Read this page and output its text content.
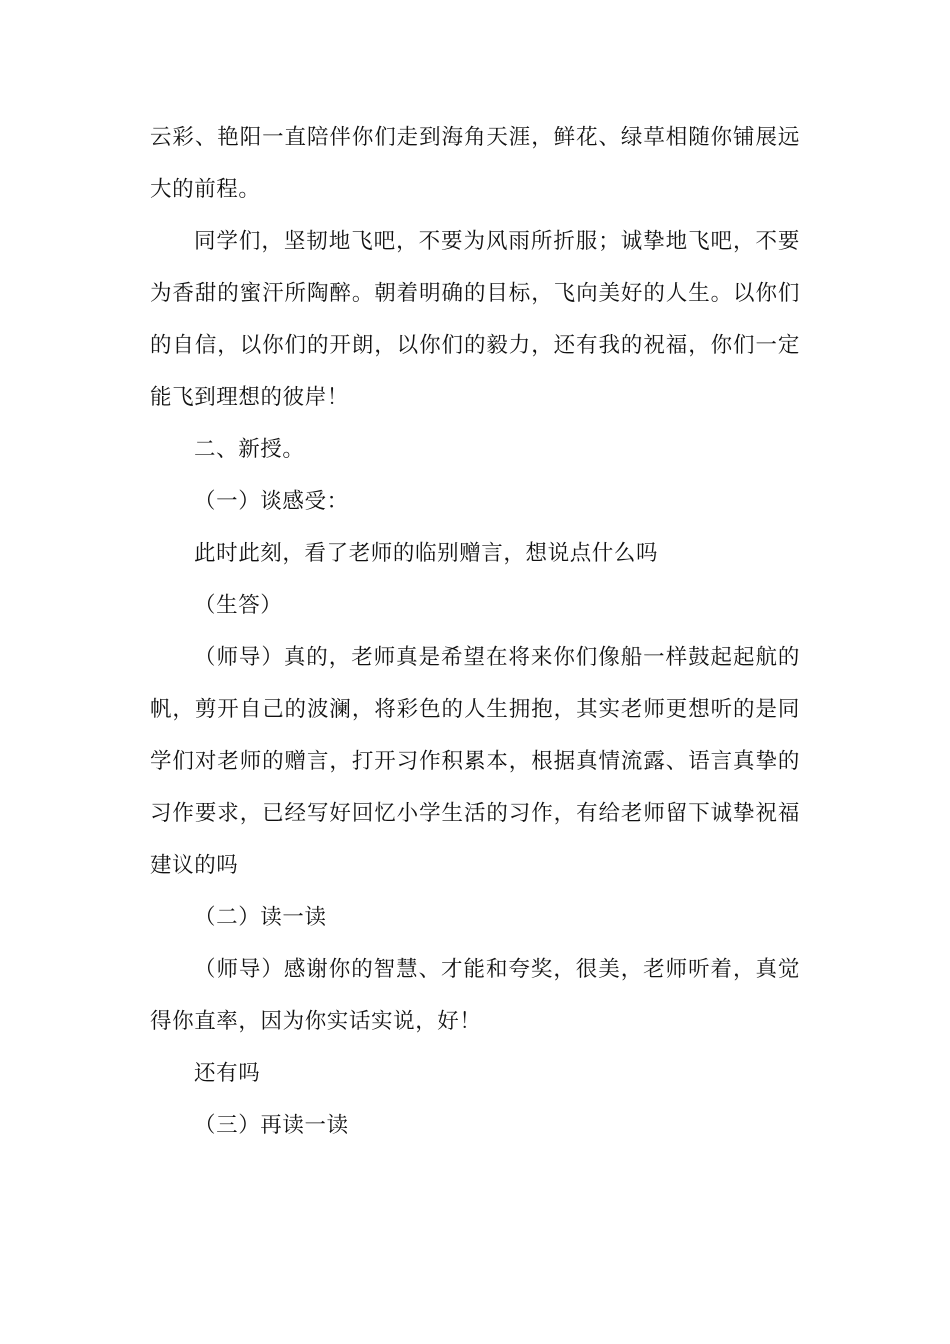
云彩、艳阳一直陪伴你们走到海角天涯，鲜花、绿草相随你铺展远大的前程。

同学们，坚韧地飞吧，不要为风雨所折服；诚挚地飞吧，不要为香甜的蜜汗所陶醉。朝着明确的目标，飞向美好的人生。以你们的自信，以你们的开朗，以你们的毅力，还有我的祝福，你们一定能飞到理想的彼岸！

二、新授。

（一）谈感受：

此时此刻，看了老师的临别赠言，想说点什么吗

（生答）

（师导）真的，老师真是希望在将来你们像船一样鼓起起航的帆，剪开自己的波澜，将彩色的人生拥抱，其实老师更想听的是同学们对老师的赠言，打开习作积累本，根据真情流露、语言真挚的习作要求，已经写好回忆小学生活的习作，有给老师留下诚挚祝福建议的吗

（二）读一读

（师导）感谢你的智慧、才能和夸奖，很美，老师听着，真觉得你直率，因为你实话实说，好！

还有吗

（三）再读一读
